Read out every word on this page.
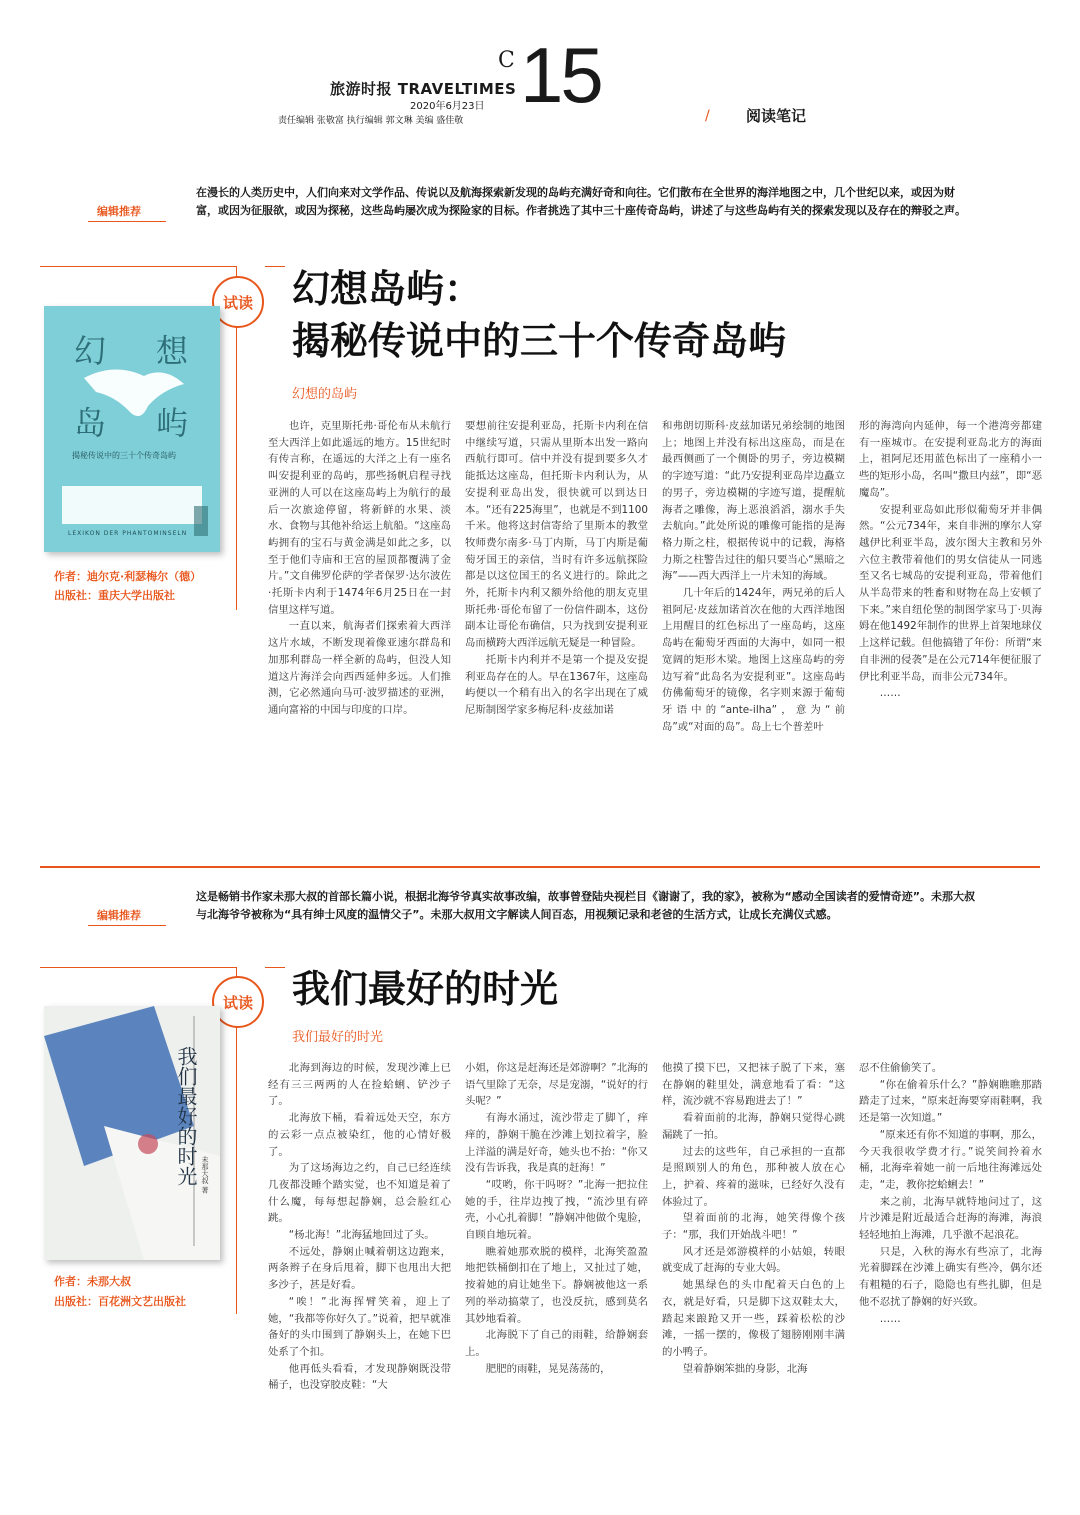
旅游时报 TRAVELTIMES
2020年6月23日
责任编辑 张敬富 执行编辑 郭文琳 美编 盛佳敬
C 15	/ 阅读笔记
编辑推荐
在漫长的人类历史中，人们向来对文学作品、传说以及航海探索新发现的岛屿充满好奇和向往。它们散布在全世界的海洋地图之中，几个世纪以来，或因为财富，或因为征服欲，或因为探秘，这些岛屿屡次成为探险家的目标。作者挑选了其中三十座传奇岛屿，讲述了与这些岛屿有关的探索发现以及存在的辩驳之声。
试读 幻想岛屿：
揭秘传说中的三十个传奇岛屿
幻想的岛屿
幻 想
岛 屿
揭秘传说中的三十个传奇岛屿
LEXIKON DER PHANTOMINSELN
作者：迪尔克·利瑟梅尔（德）
出版社：重庆大学出版社

也许，克里斯托弗·哥伦布从未航行至大西洋上如此遥远的地方。15世纪时有传言称，在遥远的大洋之上有一座名叫安提利亚的岛屿，那些扬帆启程寻找亚洲的人可以在这座岛屿上为航行的最后一次旅途停留，将新鲜的水果、淡水、食物与其他补给运上航船。“这座岛屿拥有的宝石与黄金满是如此之多，以至于他们寺庙和王宫的屋顶都覆满了金片。”文自佛罗伦萨的学者保罗·达尔波佐·托斯卡内利于1474年6月25日在一封信里这样写道。

一直以来，航海者们探索着大西洋这片水域，不断发现着像亚速尔群岛和加那利群岛一样全新的岛屿，但没人知道这片海洋会向西西延伸多远。人们推测，它必然通向马可·波罗描述的亚洲，通向富裕的中国与印度的口岸。

要想前往安提利亚岛，托斯卡内利在信中继续写道，只需从里斯本出发一路向西航行即可。信中并没有提到要多久才能抵达这座岛，但托斯卡内利认为，从安提利亚岛出发，很快就可以到达日本。“还有225海里”，也就是不到1100千米。他将这封信寄给了里斯本的教堂牧师费尔南多·马丁内斯，马丁内斯是葡萄牙国王的亲信，当时有许多远航探险都是以这位国王的名义进行的。除此之外，托斯卡内利又额外给他的朋友克里斯托弗·哥伦布留了一份信件副本，这份副本让哥伦布确信，只为找到安提利亚岛而横跨大西洋远航无疑是一种冒险。

托斯卡内利并不是第一个提及安提利亚岛存在的人。早在1367年，这座岛屿便以一个稍有出入的名字出现在了威尼斯制图学家多梅尼科·皮兹加诺

和弗朗切斯科·皮兹加诺兄弟绘制的地图上；地图上并没有标出这座岛，而是在最西侧画了一个侧卧的男子，旁边模糊的字迹写道：“此乃安提利亚岛岸边矗立的男子，旁边模糊的字迹写道，提醒航海者之雕像，海上恶浪滔滔，溺水手失去航向。”此处所说的雕像可能指的是海格力斯之柱，根据传说中的记载，海格力斯之柱警告过往的船只要当心“黑暗之海”——西大西洋上一片未知的海域。

几十年后的1424年，两兄弟的后人祖阿尼·皮兹加诺首次在他的大西洋地图上用醒目的红色标出了一座岛屿，这座岛屿在葡萄牙西面的大海中，如同一根宽阔的矩形木梁。地图上这座岛屿的旁边写着“此岛名为安提利亚”。这座岛屿仿佛葡萄牙的镜像，名字则来源于葡萄牙语中的“ante-ilha”，意为“前岛”或“对面的岛”。岛上七个普差叶

形的海湾向内延伸，每一个港湾旁都建有一座城市。在安提利亚岛北方的海面上，祖阿尼还用蓝色标出了一座稍小一些的矩形小岛，名叫“撒旦内兹”，即“恶魔岛”。

安提利亚岛如此形似葡萄牙并非偶然。“公元734年，来自非洲的摩尔人穿越伊比利亚半岛，波尔图大主教和另外六位主教带着他们的男女信徒从一同逃至又名七城岛的安提利亚岛，带着他们从半岛带来的牲畜和财物在岛上安顿了下来。”来自纽伦堡的制图学家马丁·贝海姆在他1492年制作的世界上首架地球仪上这样记载。但他搞错了年份：所谓“来自非洲的侵袭”是在公元714年便征服了伊比利亚半岛，而非公元734年。

……

编辑推荐
这是畅销书作家未那大叔的首部长篇小说，根据北海爷爷真实故事改编，故事曾登陆央视栏目《谢谢了，我的家》，被称为“感动全国读者的爱情奇迹”。未那大叔与北海爷爷被称为“具有绅士风度的温情父子”。未那大叔用文字解读人间百态，用视频记录和老爸的生活方式，让成长充满仪式感。
试读 我们最好的时光
我们最好的时光
我们最好的时光 未那大叔 著
作者：未那大叔
出版社：百花洲文艺出版社

北海到海边的时候，发现沙滩上已经有三三两两的人在捡蛤蜊、铲沙子了。

北海放下桶，看着远处天空，东方的云彩一点点被染红，他的心情好极了。

为了这场海边之约，自己已经连续几夜都没睡个踏实觉，也不知道是着了什么魔，每每想起静娴，总会脸红心跳。

“杨北海！”北海猛地回过了头。

不远处，静娴止喊着朝这边跑来，两条辫子在身后甩着，脚下也甩出大把多沙子，甚是好看。

“唉！”北海挥臂笑着，迎上了她，“我都等你好久了。”说着，把早就准备好的头巾围到了静娴头上，在她下巴处系了个扣。

他再低头看看，才发现静娴既没带桶子，也没穿胶皮鞋：“大

小姐，你这是赶海还是郊游啊？”北海的语气里除了无奈，尽是宠溺，“说好的行头呢？”

有海水涌过，流沙带走了脚丫，痒痒的，静娴干脆在沙滩上划拉着字，脸上洋溢的满是好奇，她头也不抬：“你又没有告诉我，我是真的赶海！”

“哎哟，你干吗呀？”北海一把拉住她的手，往岸边拽了拽，“流沙里有碎壳，小心扎着脚！”静娴冲他做个鬼脸，自顾自地玩着。

瞧着她那欢脱的模样，北海笑盈盈地把铁桶倒扣在了地上，又扯过了她，按着她的肩让她坐下。静娴被他这一系列的举动搞蒙了，也没反抗，感到莫名其妙地看着。

北海脱下了自己的雨鞋，给静娴套上。

肥肥的雨鞋，晃晃荡荡的，

他摸了摸下巴，又把袜子脱了下来，塞在静娴的鞋里处，满意地看了看：“这样，流沙就不容易跑进去了！”

看着面前的北海，静娴只觉得心跳漏跳了一拍。

过去的这些年，自己承担的一直都是照顾别人的角色，那种被人放在心上，护着、疼着的滋味，已经好久没有体验过了。

望着面前的北海，她笑得像个孩子：“那，我们开始战斗吧！”

风才还是郊游模样的小姑娘，转眼就变成了赶海的专业大妈。

她黑绿色的头巾配着天白色的上衣，就是好看，只是脚下这双鞋太大，踏起来踉跄又开一些，踩着松松的沙滩，一摇一摆的，像极了翅膀刚刚丰满的小鸭子。

望着静娴笨拙的身影，北海

忍不住偷偷笑了。

“你在偷着乐什么？”静娴瞧瞧那踏踏走了过来，“原来赶海要穿雨鞋啊，我还是第一次知道。”

“原来还有你不知道的事啊，那么，今天我很收学费才行。”说笑间拎着水桶，北海牵着她一前一后地往海滩远处走，“走，教你挖蛤蜊去！”

来之前，北海早就特地问过了，这片沙滩是附近最适合赶海的海滩，海浪轻轻地拍上海滩，几乎激不起浪花。

只是，入秋的海水有些凉了，北海光着脚踩在沙滩上确实有些冷，偶尔还有粗糙的石子，隐隐也有些扎脚，但是他不忍扰了静娴的好兴致。

……
